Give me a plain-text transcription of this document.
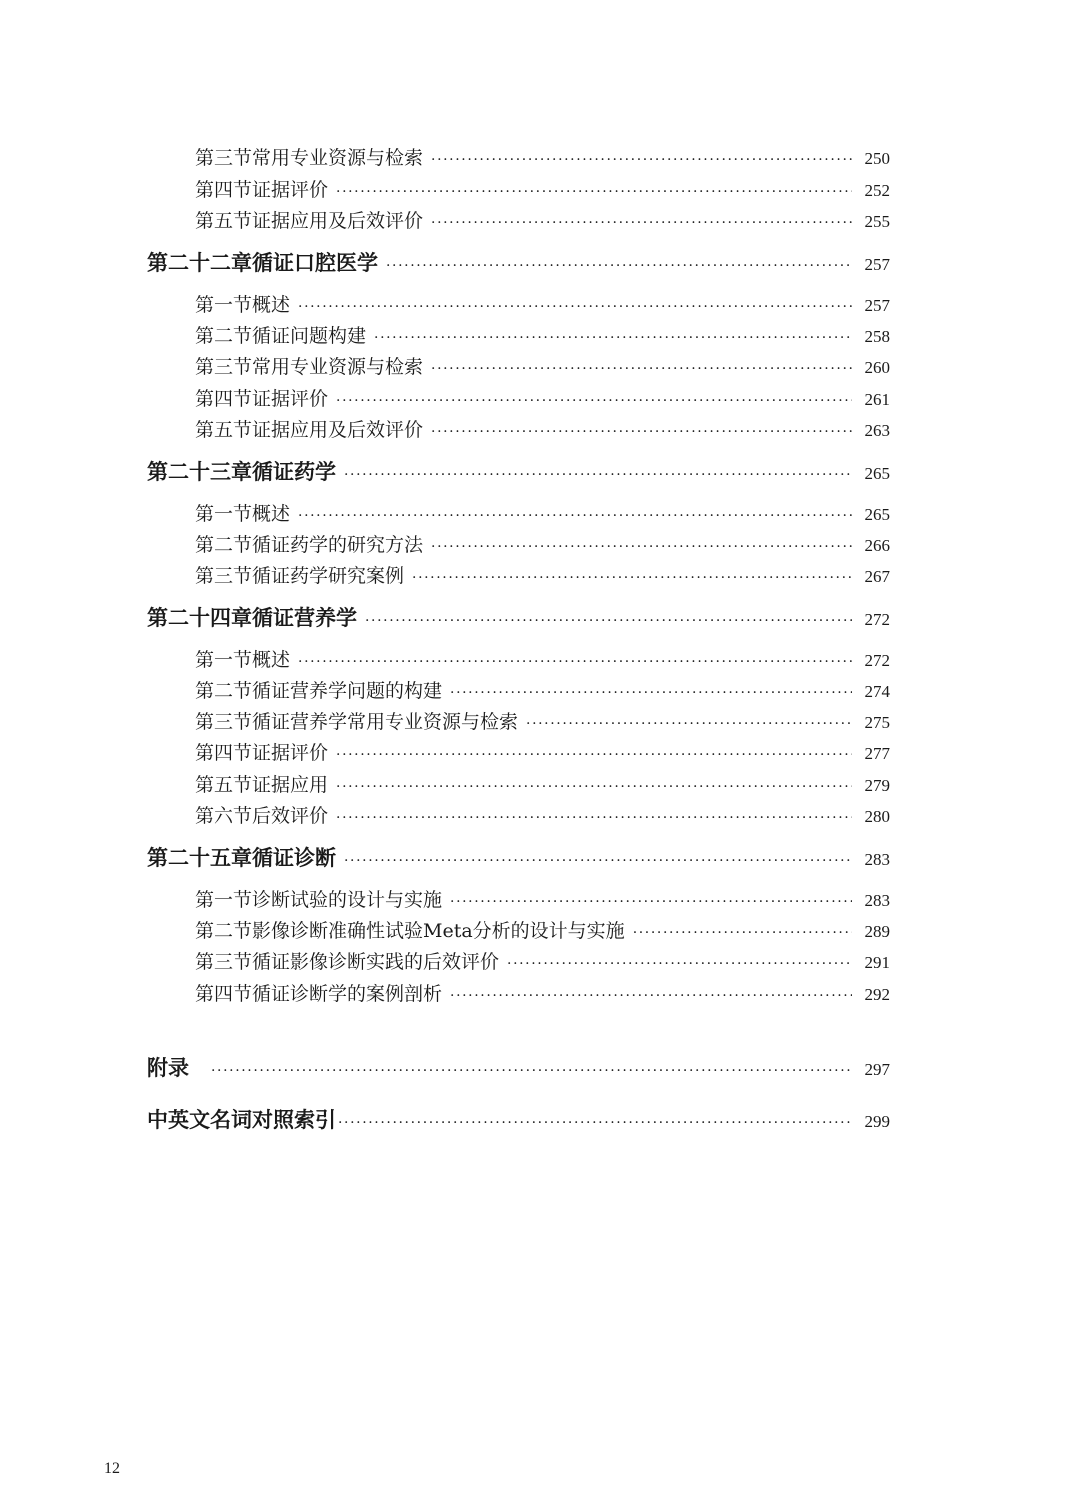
第三节 常用专业资源与检索 ·····	250
第四节 证据评价 ·····	252
第五节 证据应用及后效评价 ·····	255
第二十二章 循证口腔医学 ·····	257
第一节 概述 ·····	257
第二节 循证问题构建 ·····	258
第三节 常用专业资源与检索 ·····	260
第四节 证据评价 ·····	261
第五节 证据应用及后效评价 ·····	263
第二十三章 循证药学 ·····	265
第一节 概述 ·····	265
第二节 循证药学的研究方法 ·····	266
第三节 循证药学研究案例 ·····	267
第二十四章 循证营养学 ·····	272
第一节 概述 ·····	272
第二节 循证营养学问题的构建 ·····	274
第三节 循证营养学常用专业资源与检索 ·····	275
第四节 证据评价 ·····	277
第五节 证据应用 ·····	279
第六节 后效评价 ·····	280
第二十五章 循证诊断 ·····	283
第一节 诊断试验的设计与实施 ·····	283
第二节 影像诊断准确性试验Meta分析的设计与实施 ·····	289
第三节 循证影像诊断实践的后效评价 ·····	291
第四节 循证诊断学的案例剖析 ·····	292
附录 ·····	297
中英文名词对照索引 ·····	299
12
